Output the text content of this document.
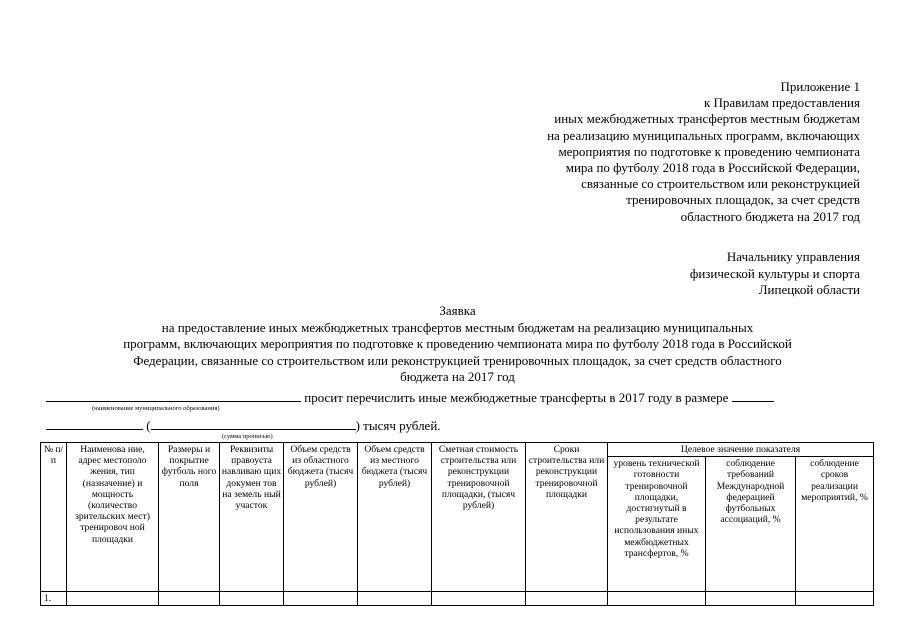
Приложение 1
к Правилам предоставления
иных межбюджетных трансфертов местным бюджетам
на реализацию муниципальных программ, включающих
мероприятия по подготовке к проведению чемпионата
мира по футболу 2018 года в Российской Федерации,
связанные со строительством или реконструкцией
тренировочных площадок, за счет средств
областного бюджета на 2017 год
Начальнику управления
физической культуры и спорта
Липецкой области
Заявка
на предоставление иных межбюджетных трансфертов местным бюджетам на реализацию муниципальных
программ, включающих мероприятия по подготовке к проведению чемпионата мира по футболу 2018 года в Российской
Федерации, связанные со строительством или реконструкцией тренировочных площадок, за счет средств областного
бюджета на 2017 год
просит перечислить иные межбюджетные трансферты в 2017 году в размере
(наименование муниципального образования)
(	) тысяч рублей.
(сумма прописью)
№ п/п	Наименова ние, адрес местополо жения, тип (назначение) и мощность (количество зрительских мест) тренировоч ной площадки	Размеры и покрытие футболь ного поля	Реквизиты правоуста навливаю щих докумен тов на земель ный участок	Объем средств из областного бюджета (тысяч рублей)	Объем средств из местного бюджета (тысяч рублей)	Сметная стоимость строительства или реконструкции тренировочной площадки, (тысяч рублей)	Сроки строительства или реконструкции тренировочной площадки	Целевое значение показателя		
								уровень технической готовности тренировочной площадки, достигнутый в результате использования иных межбюджетных трансфертов, %	соблюдение требований Международной федерацией футбольных ассоциаций, %	соблюдение сроков реализации мероприятий, %
1.										
